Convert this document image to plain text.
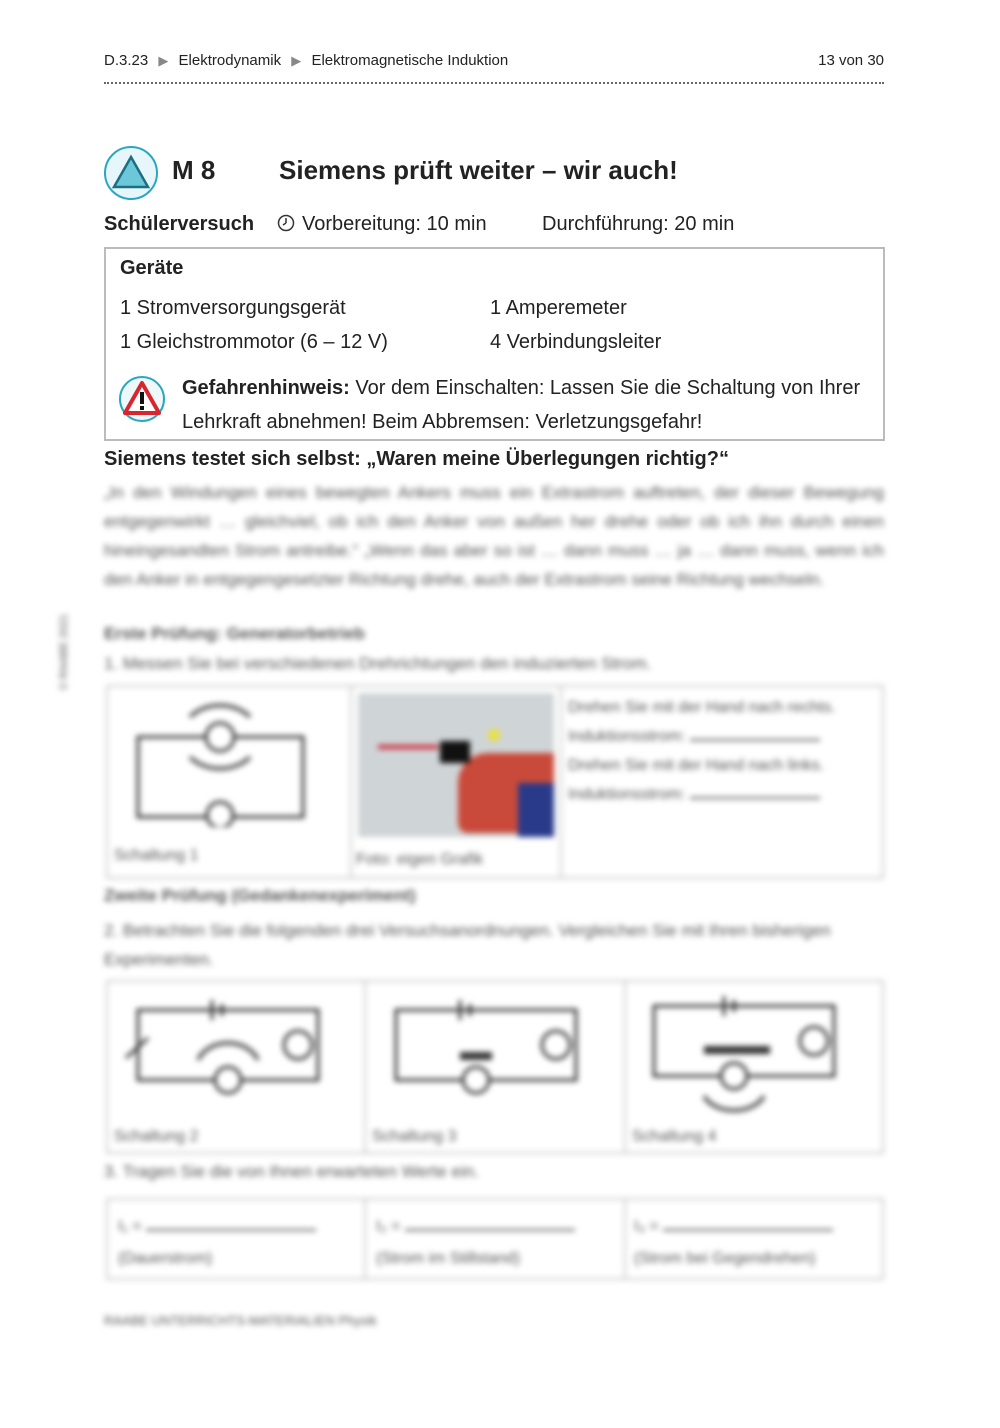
D.3.23 ▶ Elektrodynamik ▶ Elektromagnetische Induktion	13 von 30
M 8 Siemens prüft weiter – wir auch!
Schülerversuch Vorbereitung: 10 min	Durchführung: 20 min
Geräte
1 Stromversorgungsgerät	1 Amperemeter
1 Gleichstrommotor (6 – 12 V)	4 Verbindungsleiter
Gefahrenhinweis: Vor dem Einschalten: Lassen Sie die Schaltung von Ihrer Lehrkraft abnehmen! Beim Abbremsen: Verletzungsgefahr!
Siemens testet sich selbst: „Waren meine Überlegungen richtig?“
„In den Windungen eines bewegten Ankers muss ein Extrastrom auftreten, der dieser Bewegung entgegenwirkt … gleichviel, ob ich den Anker von außen her drehe oder ob ich ihn durch einen hineingesandten Strom antreibe.“ „Wenn das aber so ist … dann muss … ja … dann muss, wenn ich den Anker in entgegengesetzter Richtung drehe, auch der Extrastrom seine Richtung wechseln.
Erste Prüfung: Generatorbetrieb
1. Messen Sie bei verschiedenen Drehrichtungen den induzierten Strom.
Schaltung 1	Foto: eigen Grafik
Drehen Sie mit der Hand nach rechts.
Induktionsstrom:
Drehen Sie mit der Hand nach links.
Induktionsstrom:
Zweite Prüfung (Gedankenexperiment)
2. Betrachten Sie die folgenden drei Versuchsanordnungen. Vergleichen Sie mit Ihren bisherigen Experimenten.
Schaltung 2	Schaltung 3	Schaltung 4
3. Tragen Sie die von Ihnen erwarteten Werte ein.
I₁ =
(Dauerstrom)
I₂ =
(Strom im Stillstand)
I₃ =
(Strom bei Gegendrehen)
RAABE UNTERRICHTS-MATERIALIEN Physik
© RAABE 2021
